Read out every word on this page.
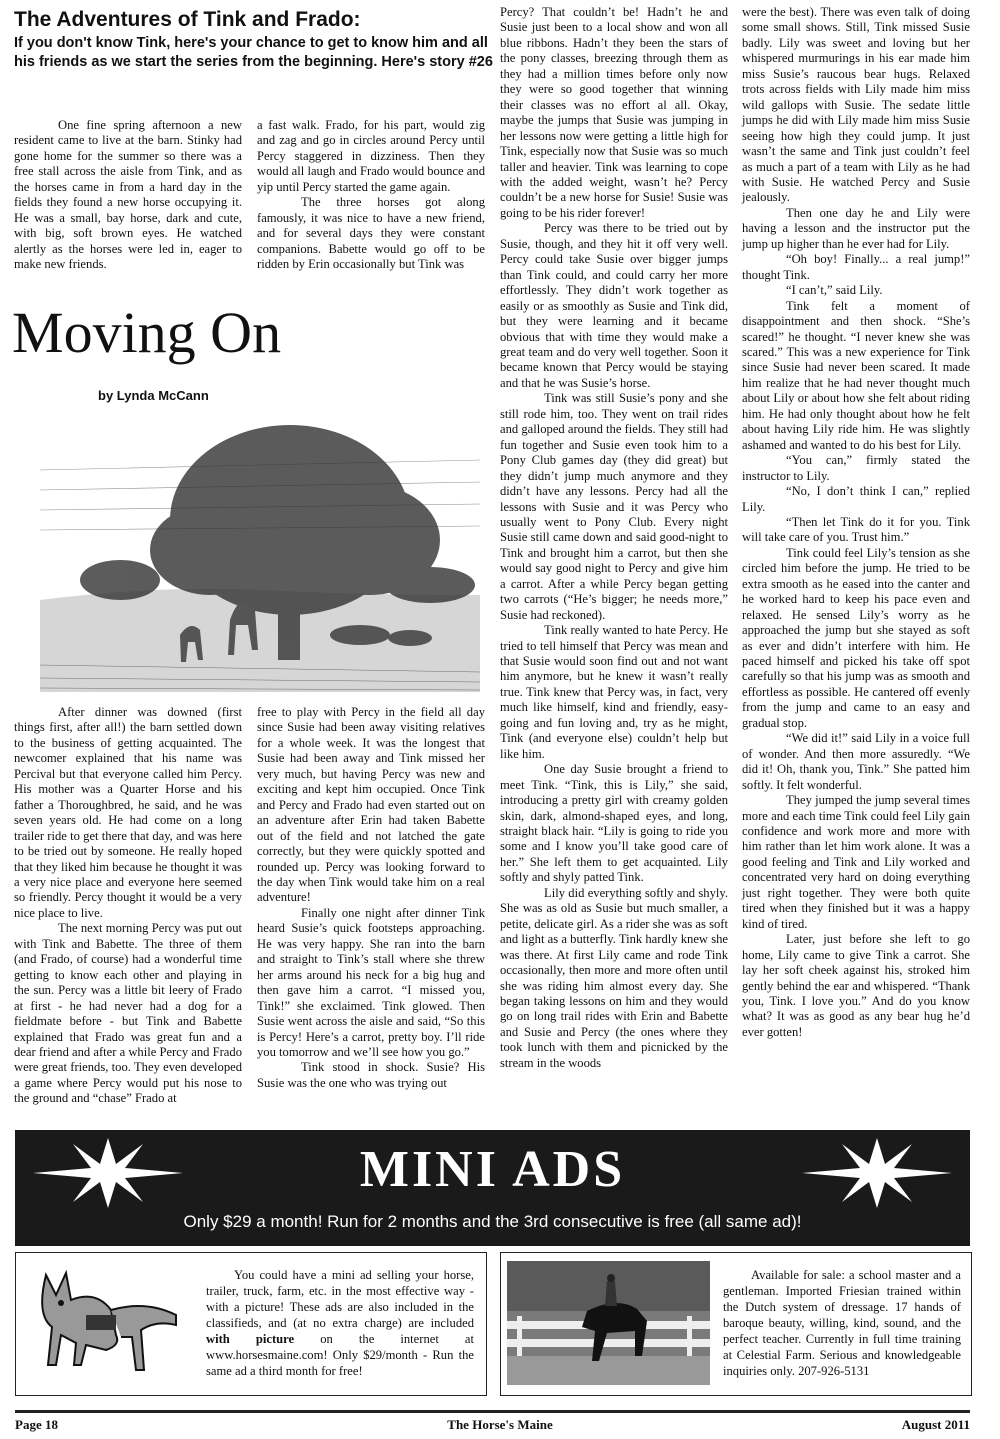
The Adventures of Tink and Frado:
If you don't know Tink, here's your chance to get to know him and all his friends as we start the series from the beginning. Here's story #26

One fine spring afternoon a new resident came to live at the barn. Stinky had gone home for the summer so there was a free stall across the aisle from Tink, and as the horses came in from a hard day in the fields they found a new horse occupying it. He was a small, bay horse, dark and cute, with big, soft brown eyes. He watched alertly as the horses were led in, eager to make new friends.

a fast walk. Frado, for his part, would zig and zag and go in circles around Percy until Percy staggered in dizziness. Then they would all laugh and Frado would bounce and yip until Percy started the game again.

The three horses got along famously, it was nice to have a new friend, and for several days they were constant companions. Babette would go off to be ridden by Erin occasionally but Tink was

Moving On
by Lynda McCann

After dinner was downed (first things first, after all!) the barn settled down to the business of getting acquainted. The newcomer explained that his name was Percival but that everyone called him Percy. His mother was a Quarter Horse and his father a Thoroughbred, he said, and he was seven years old. He had come on a long trailer ride to get there that day, and was here to be tried out by someone. He really hoped that they liked him because he thought it was a very nice place and everyone here seemed so friendly. Percy thought it would be a very nice place to live.

The next morning Percy was put out with Tink and Babette. The three of them (and Frado, of course) had a wonderful time getting to know each other and playing in the sun. Percy was a little bit leery of Frado at first - he had never had a dog for a fieldmate before - but Tink and Babette explained that Frado was great fun and a dear friend and after a while Percy and Frado were great friends, too. They even developed a game where Percy would put his nose to the ground and “chase” Frado at

free to play with Percy in the field all day since Susie had been away visiting relatives for a whole week. It was the longest that Susie had been away and Tink missed her very much, but having Percy was new and exciting and kept him occupied. Once Tink and Percy and Frado had even started out on an adventure after Erin had taken Babette out of the field and not latched the gate correctly, but they were quickly spotted and rounded up. Percy was looking forward to the day when Tink would take him on a real adventure!

Finally one night after dinner Tink heard Susie’s quick footsteps approaching. He was very happy. She ran into the barn and straight to Tink’s stall where she threw her arms around his neck for a big hug and then gave him a carrot. “I missed you, Tink!” she exclaimed. Tink glowed. Then Susie went across the aisle and said, “So this is Percy! Here’s a carrot, pretty boy. I’ll ride you tomorrow and we’ll see how you go.”

Tink stood in shock. Susie? His Susie was the one who was trying out

Percy? That couldn’t be! Hadn’t he and Susie just been to a local show and won all blue ribbons. Hadn’t they been the stars of the pony classes, breezing through them as they had a million times before only now they were so good together that winning their classes was no effort al all. Okay, maybe the jumps that Susie was jumping in her lessons now were getting a little high for Tink, especially now that Susie was so much taller and heavier. Tink was learning to cope with the added weight, wasn’t he? Percy couldn’t be a new horse for Susie! Susie was going to be his rider forever!

Percy was there to be tried out by Susie, though, and they hit it off very well. Percy could take Susie over bigger jumps than Tink could, and could carry her more effortlessly. They didn’t work together as easily or as smoothly as Susie and Tink did, but they were learning and it became obvious that with time they would make a great team and do very well together. Soon it became known that Percy would be staying and that he was Susie’s horse.

Tink was still Susie’s pony and she still rode him, too. They went on trail rides and galloped around the fields. They still had fun together and Susie even took him to a Pony Club games day (they did great) but they didn’t jump much anymore and they didn’t have any lessons. Percy had all the lessons with Susie and it was Percy who usually went to Pony Club. Every night Susie still came down and said good-night to Tink and brought him a carrot, but then she would say good night to Percy and give him a carrot. After a while Percy began getting two carrots (“He’s bigger; he needs more,” Susie had reckoned).

Tink really wanted to hate Percy. He tried to tell himself that Percy was mean and that Susie would soon find out and not want him anymore, but he knew it wasn’t really true. Tink knew that Percy was, in fact, very much like himself, kind and friendly, easy-going and fun loving and, try as he might, Tink (and everyone else) couldn’t help but like him.

One day Susie brought a friend to meet Tink. “Tink, this is Lily,” she said, introducing a pretty girl with creamy golden skin, dark, almond-shaped eyes, and long, straight black hair. “Lily is going to ride you some and I know you’ll take good care of her.” She left them to get acquainted. Lily softly and shyly patted Tink.

Lily did everything softly and shyly. She was as old as Susie but much smaller, a petite, delicate girl. As a rider she was as soft and light as a butterfly. Tink hardly knew she was there. At first Lily came and rode Tink occasionally, then more and more often until she was riding him almost every day. She began taking lessons on him and they would go on long trail rides with Erin and Babette and Susie and Percy (the ones where they took lunch with them and picnicked by the stream in the woods

were the best). There was even talk of doing some small shows. Still, Tink missed Susie badly. Lily was sweet and loving but her whispered murmurings in his ear made him miss Susie’s raucous bear hugs. Relaxed trots across fields with Lily made him miss wild gallops with Susie. The sedate little jumps he did with Lily made him miss Susie seeing how high they could jump. It just wasn’t the same and Tink just couldn’t feel as much a part of a team with Lily as he had with Susie. He watched Percy and Susie jealously.

Then one day he and Lily were having a lesson and the instructor put the jump up higher than he ever had for Lily.

“Oh boy! Finally... a real jump!” thought Tink.

“I can’t,” said Lily.

Tink felt a moment of disappointment and then shock. “She’s scared!” he thought. “I never knew she was scared.” This was a new experience for Tink since Susie had never been scared. It made him realize that he had never thought much about Lily or about how she felt about riding him. He had only thought about how he felt about having Lily ride him. He was slightly ashamed and wanted to do his best for Lily.

“You can,” firmly stated the instructor to Lily.

“No, I don’t think I can,” replied Lily.

“Then let Tink do it for you. Tink will take care of you. Trust him.”

Tink could feel Lily’s tension as she circled him before the jump. He tried to be extra smooth as he eased into the canter and he worked hard to keep his pace even and relaxed. He sensed Lily’s worry as he approached the jump but she stayed as soft as ever and didn’t interfere with him. He paced himself and picked his take off spot carefully so that his jump was as smooth and effortless as possible. He cantered off evenly from the jump and came to an easy and gradual stop.

“We did it!” said Lily in a voice full of wonder. And then more assuredly. “We did it! Oh, thank you, Tink.” She patted him softly. It felt wonderful.

They jumped the jump several times more and each time Tink could feel Lily gain confidence and work more and more with him rather than let him work alone. It was a good feeling and Tink and Lily worked and concentrated very hard on doing everything just right together. They were both quite tired when they finished but it was a happy kind of tired.

Later, just before she left to go home, Lily came to give Tink a carrot. She lay her soft cheek against his, stroked him gently behind the ear and whispered. “Thank you, Tink. I love you.” And do you know what? It was as good as any bear hug he’d ever gotten!

MINI ADS
Only $29 a month! Run for 2 months and the 3rd consecutive is free (all same ad)!

You could have a mini ad selling your horse, trailer, truck, farm, etc. in the most effective way - with a picture! These ads are also included in the classifieds, and (at no extra charge) are included with picture on the internet at www.horsesmaine.com! Only $29/month - Run the same ad a third month for free!

Available for sale: a school master and a gentleman. Imported Friesian trained within the Dutch system of dressage. 17 hands of baroque beauty, willing, kind, sound, and the perfect teacher. Currently in full time training at Celestial Farm. Serious and knowledgeable inquiries only. 207-926-5131

Page 18	The Horse's Maine	August 2011
